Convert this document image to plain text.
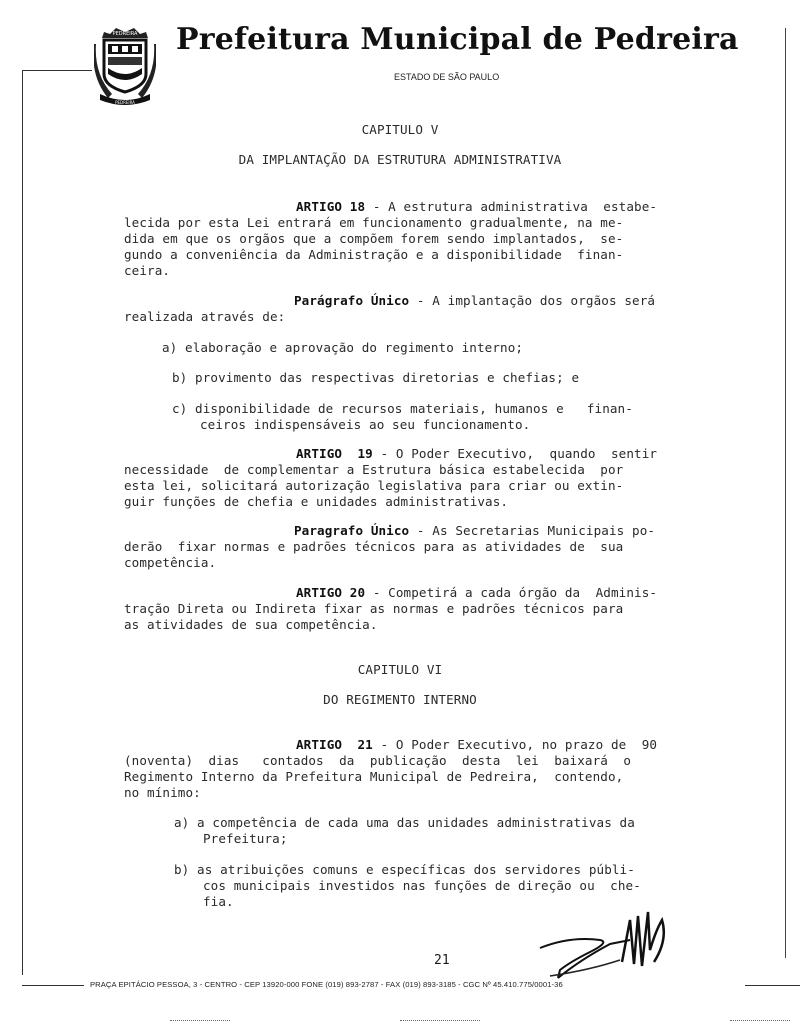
PEDREIRA
PEDREIRA
Prefeitura Municipal de Pedreira
ESTADO DE SÃO PAULO
CAPITULO V
DA IMPLANTAÇÃO DA ESTRUTURA ADMINISTRATIVA
ARTIGO 18 - A estrutura administrativa  estabe-
lecida por esta Lei entrará em funcionamento gradualmente, na me-
dida em que os orgãos que a compõem forem sendo implantados,  se-
gundo a conveniência da Administração e a disponibilidade  finan-
ceira.
Parágrafo Único - A implantação dos orgãos será
realizada através de:
a) elaboração e aprovação do regimento interno;
b) provimento das respectivas diretorias e chefias; e
c) disponibilidade de recursos materiais, humanos e   finan-
ceiros indispensáveis ao seu funcionamento.
ARTIGO  19 - O Poder Executivo,  quando  sentir
necessidade  de complementar a Estrutura básica estabelecida  por
esta lei, solicitará autorização legislativa para criar ou extin-
guir funções de chefia e unidades administrativas.
Paragrafo Único - As Secretarias Municipais po-
derão  fixar normas e padrões técnicos para as atividades de  sua
competência.
ARTIGO 20 - Competirá a cada órgão da  Adminis-
tração Direta ou Indireta fixar as normas e padrões técnicos para
as atividades de sua competência.
CAPITULO VI
DO REGIMENTO INTERNO
ARTIGO  21 - O Poder Executivo, no prazo de  90
(noventa)  dias   contados  da  publicação  desta  lei  baixará  o
Regimento Interno da Prefeitura Municipal de Pedreira,  contendo,
no mínimo:
a) a competência de cada uma das unidades administrativas da
Prefeitura;
b) as atribuições comuns e específicas dos servidores públi-
cos municipais investidos nas funções de direção ou  che-
fia.
21
PRAÇA EPITÁCIO PESSOA, 3 - CENTRO - CEP 13920-000 FONE (019) 893-2787 - FAX (019) 893-3185 - CGC Nº 45.410.775/0001-36
